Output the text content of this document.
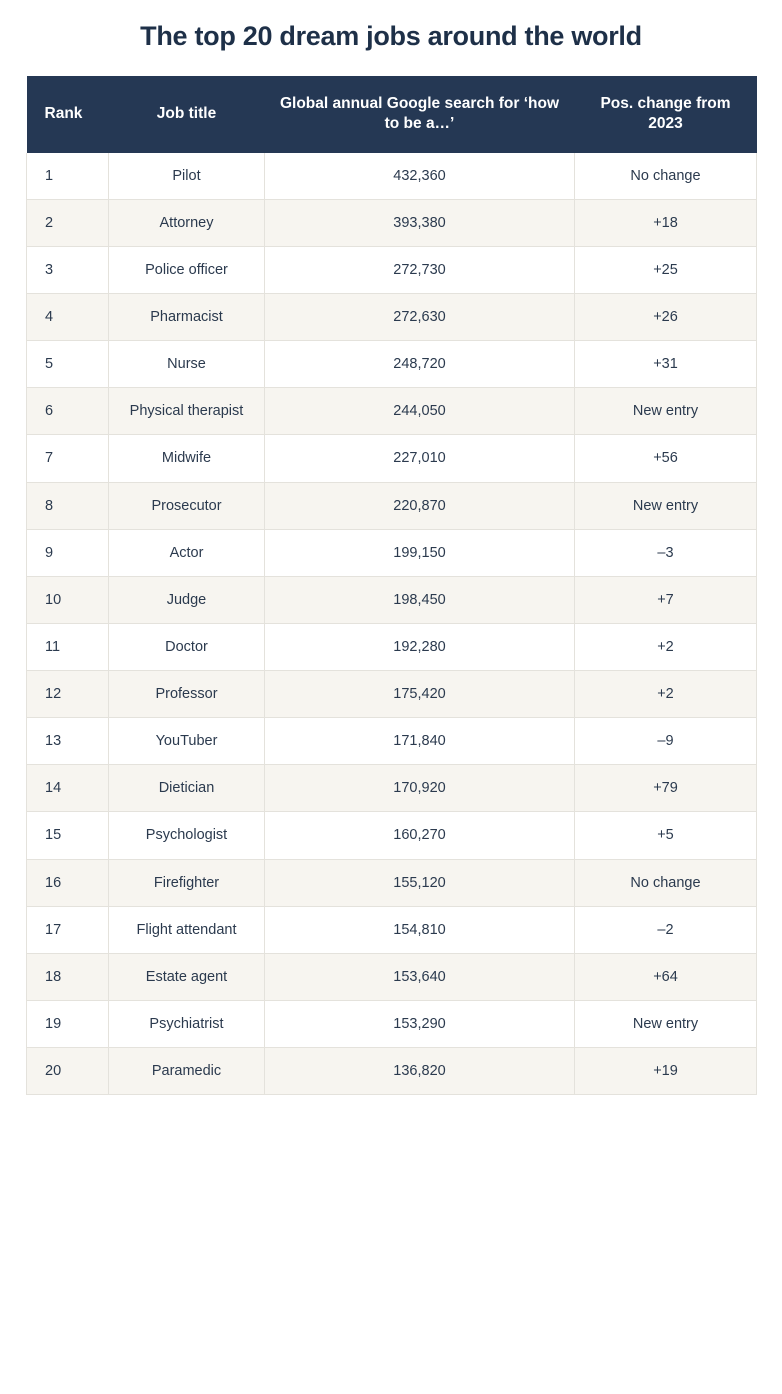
The top 20 dream jobs around the world
Rank	Job title	Global annual Google search for ‘how to be a…’	Pos. change from 2023
1	Pilot	432,360	No change
2	Attorney	393,380	+18
3	Police officer	272,730	+25
4	Pharmacist	272,630	+26
5	Nurse	248,720	+31
6	Physical therapist	244,050	New entry
7	Midwife	227,010	+56
8	Prosecutor	220,870	New entry
9	Actor	199,150	–3
10	Judge	198,450	+7
11	Doctor	192,280	+2
12	Professor	175,420	+2
13	YouTuber	171,840	–9
14	Dietician	170,920	+79
15	Psychologist	160,270	+5
16	Firefighter	155,120	No change
17	Flight attendant	154,810	–2
18	Estate agent	153,640	+64
19	Psychiatrist	153,290	New entry
20	Paramedic	136,820	+19
